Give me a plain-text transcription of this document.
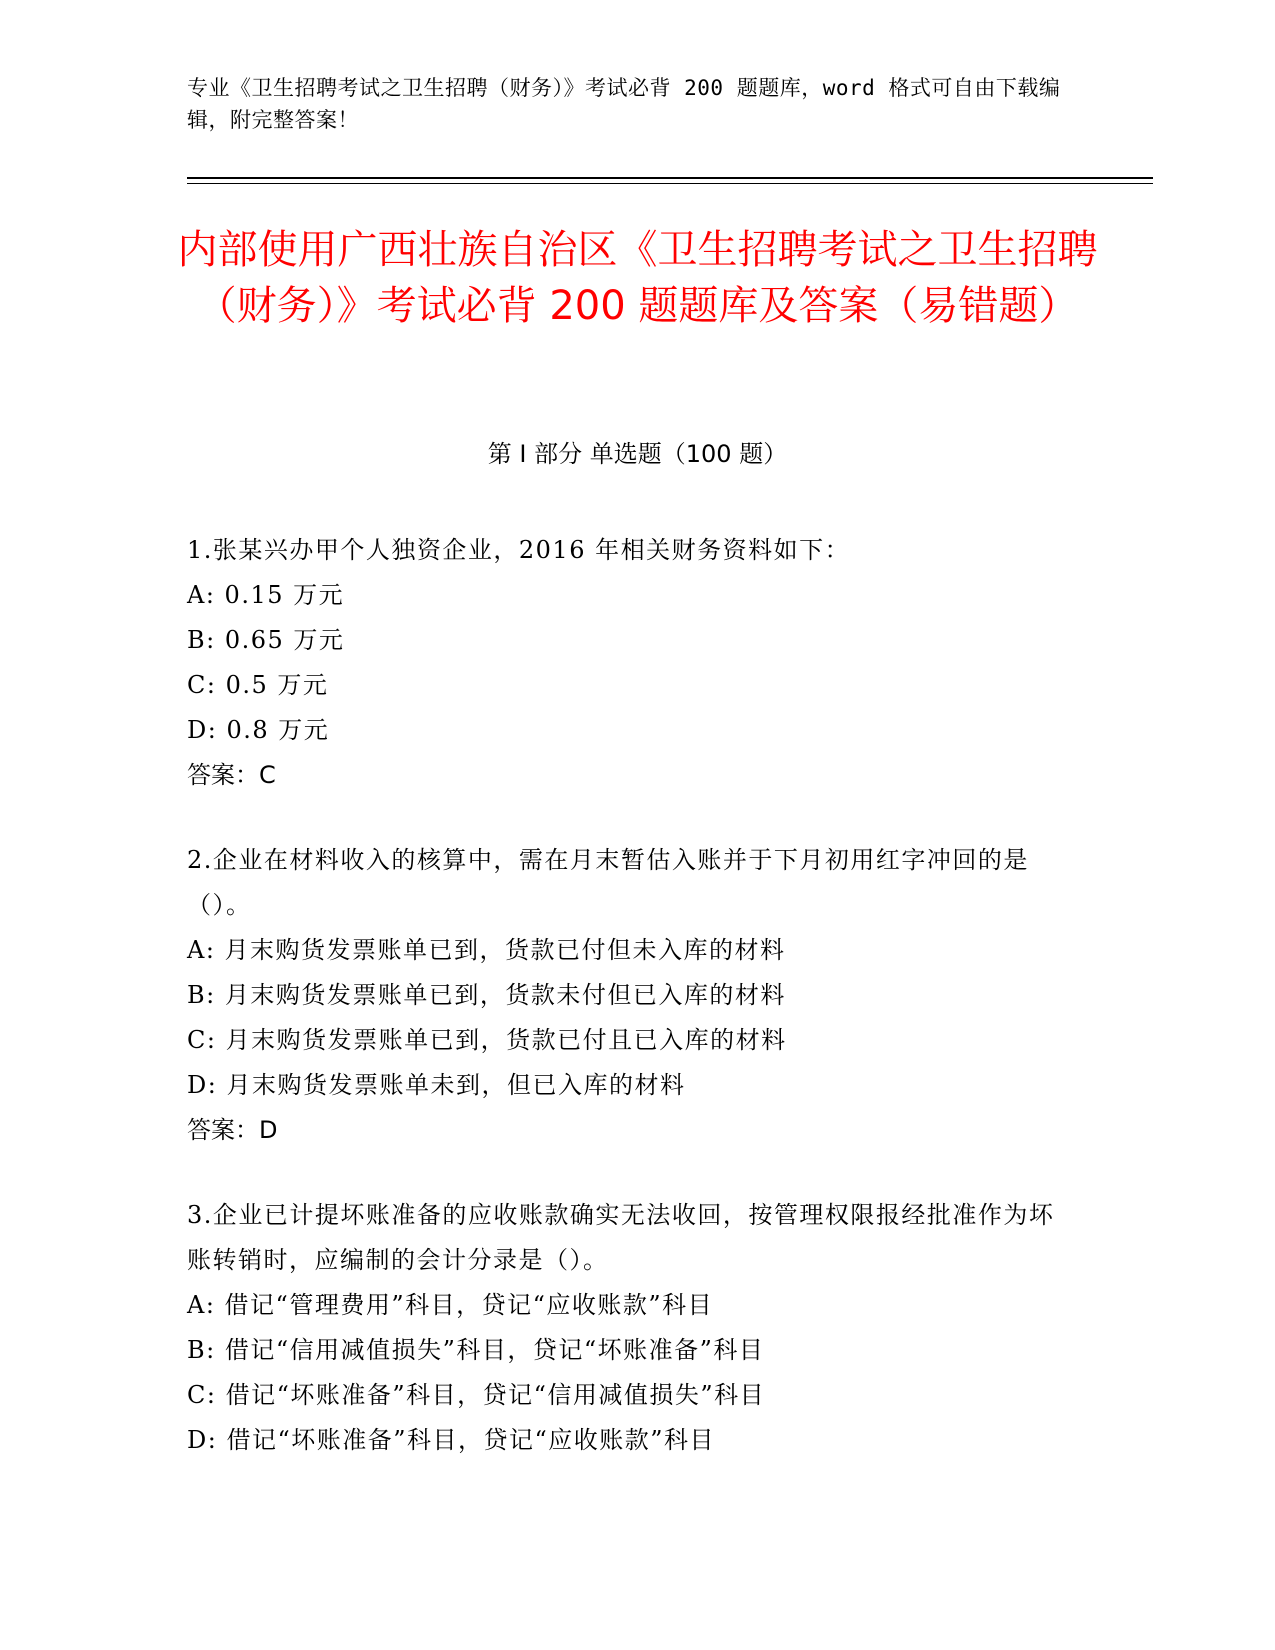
专业《卫生招聘考试之卫生招聘（财务）》考试必背 200 题题库，word 格式可自由下载编辑，附完整答案！
内部使用广西壮族自治区《卫生招聘考试之卫生招聘（财务）》考试必背 200 题题库及答案（易错题）
第 I 部分 单选题（100 题）
1.张某兴办甲个人独资企业，2016 年相关财务资料如下：
A: 0.15 万元
B: 0.65 万元
C: 0.5 万元
D: 0.8 万元
答案：C
2.企业在材料收入的核算中，需在月末暂估入账并于下月初用红字冲回的是（）。
A: 月末购货发票账单已到，货款已付但未入库的材料
B: 月末购货发票账单已到，货款未付但已入库的材料
C: 月末购货发票账单已到，货款已付且已入库的材料
D: 月末购货发票账单未到，但已入库的材料
答案：D
3.企业已计提坏账准备的应收账款确实无法收回，按管理权限报经批准作为坏账转销时，应编制的会计分录是（）。
A: 借记“管理费用”科目，贷记“应收账款”科目
B: 借记“信用减值损失”科目，贷记“坏账准备”科目
C: 借记“坏账准备”科目，贷记“信用减值损失”科目
D: 借记“坏账准备”科目，贷记“应收账款”科目
